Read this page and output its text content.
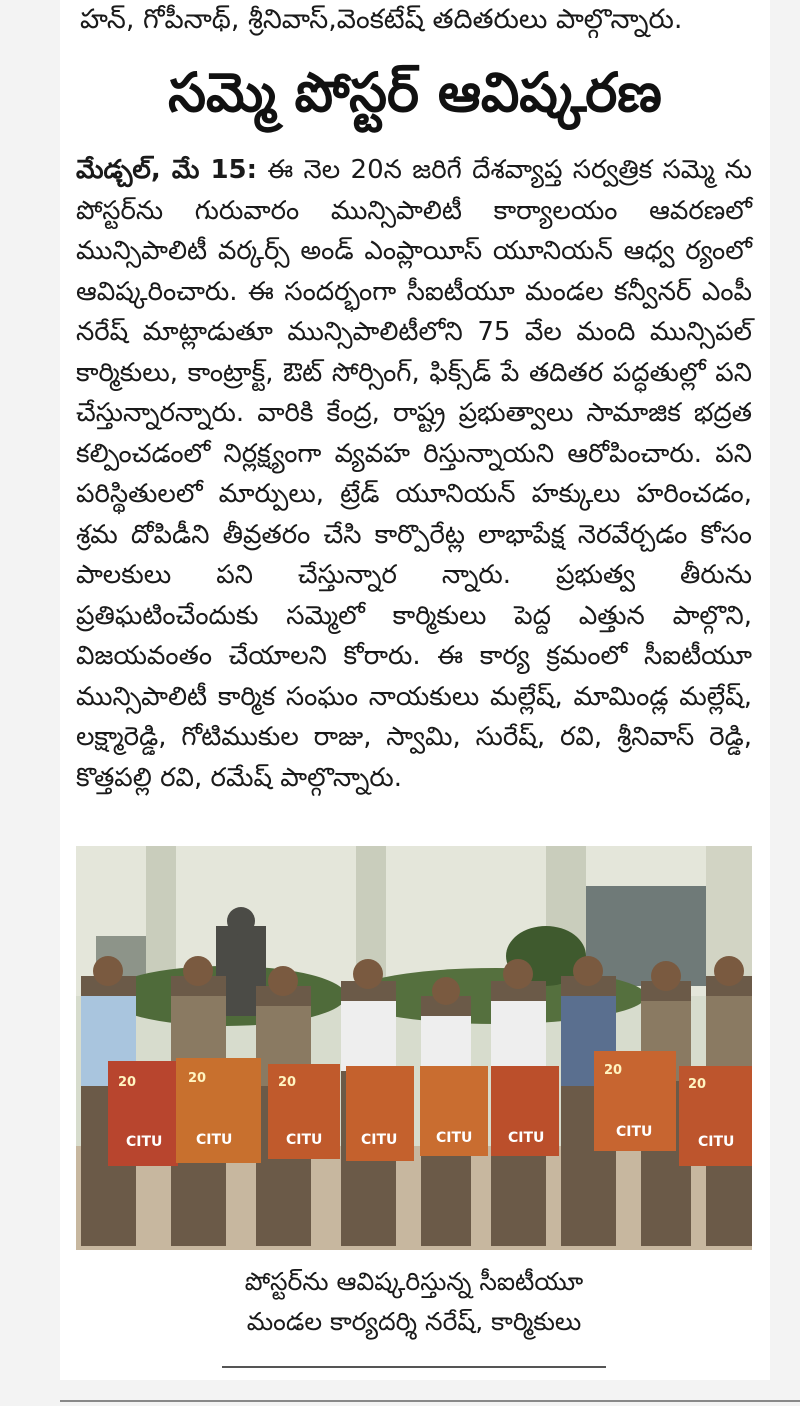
హన్, గోపీనాథ్, శ్రీనివాస్,వెంకటేష్ తదితరులు పాల్గొన్నారు.
సమ్మె పోస్టర్ ఆవిష్కరణ

మేడ్చల్, మే 15: ఈ నెల 20న జరిగే దేశవ్యాప్త సర్వత్రిక సమ్మె ను పోస్టర్‌ను గురువారం మున్సిపాలిటీ కార్యాలయం ఆవరణలో మున్సిపాలిటీ వర్కర్స్ అండ్ ఎంప్లాయీస్ యూనియన్ ఆధ్వ ర్యంలో ఆవిష్కరించారు. ఈ సందర్భంగా సీఐటీయూ మండల కన్వీనర్ ఎంపీ నరేష్ మాట్లాడుతూ మున్సిపాలిటీలోని 75 వేల మంది మున్సిపల్ కార్మికులు, కాంట్రాక్ట్, ఔట్ సోర్సింగ్, ఫిక్స్‌డ్ పే తదితర పద్ధతుల్లో పని చేస్తున్నారన్నారు. వారికి కేంద్ర, రాష్ట్ర ప్రభుత్వాలు సామాజిక భద్రత కల్పించడంలో నిర్లక్ష్యంగా వ్యవహ రిస్తున్నాయని ఆరోపించారు. పని పరిస్థితులలో మార్పులు, ట్రేడ్ యూనియన్ హక్కులు హరించడం, శ్రమ దోపిడీని తీవ్రతరం చేసి కార్పొరేట్ల లాభాపేక్ష నెరవేర్చడం కోసం పాలకులు పని చేస్తున్నార న్నారు. ప్రభుత్వ తీరును ప్రతిఘటించేందుకు సమ్మెలో కార్మికులు పెద్ద ఎత్తున పాల్గొని, విజయవంతం చేయాలని కోరారు. ఈ కార్య క్రమంలో సీఐటీయూ మున్సిపాలిటీ కార్మిక సంఘం నాయకులు మల్లేష్, మామిండ్ల మల్లేష్, లక్ష్మారెడ్డి, గోటిముకుల రాజు, స్వామి, సురేష్, రవి, శ్రీనివాస్ రెడ్డి, కొత్తపల్లి రవి, రమేష్ పాల్గొన్నారు.

CITU CITU	CITU	CITU	CITU	CITU	CITU
CITU
20	20	20
20
20
పోస్టర్‌ను ఆవిష్కరిస్తున్న సీఐటీయూ
మండల కార్యదర్శి నరేష్, కార్మికులు
